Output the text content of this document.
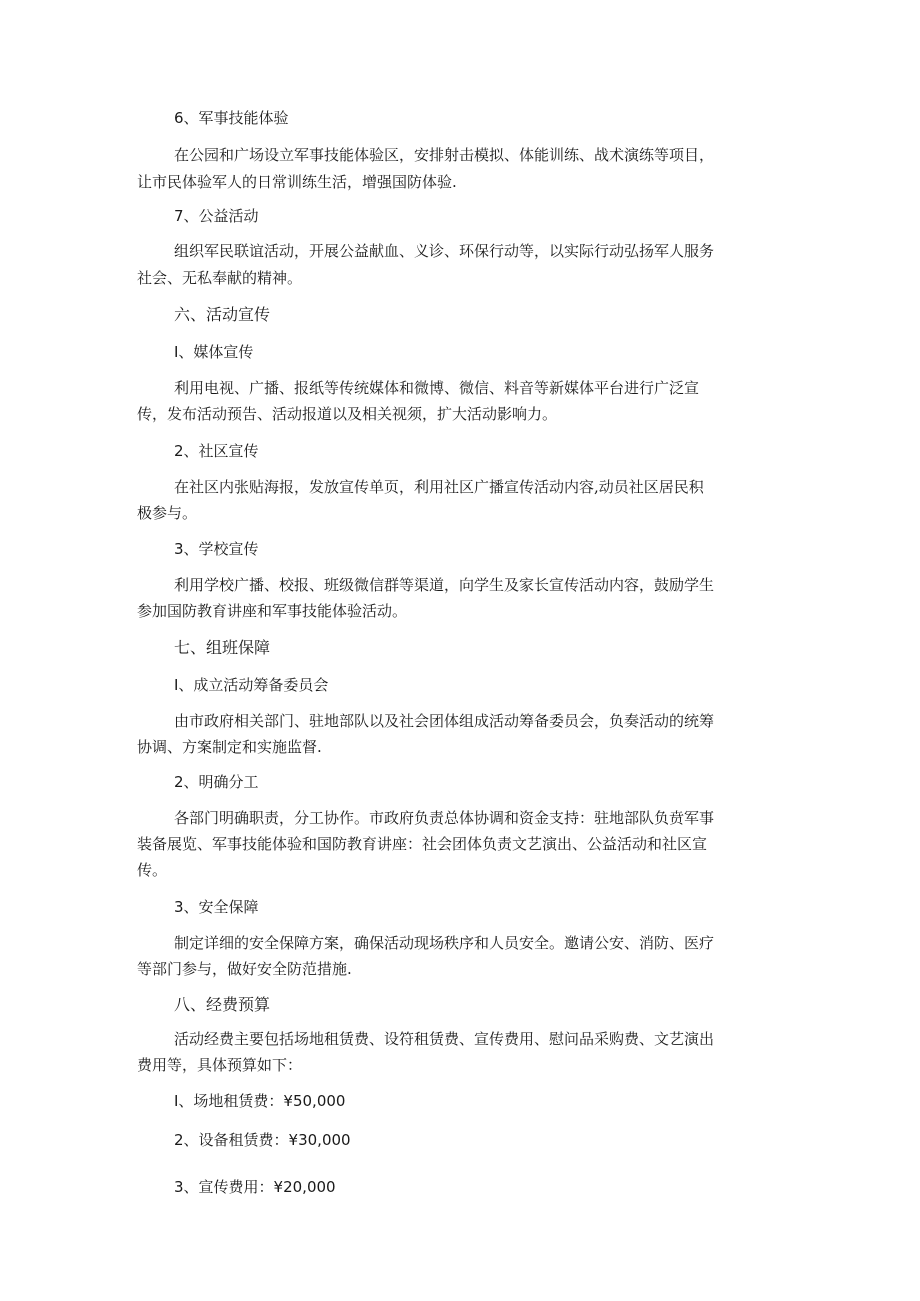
6、军事技能体验
在公园和广场设立军事技能体验区，安排射击模拟、体能训练、战术演练等项目，
让市民体验军人的日常训练生活，增强国防体验.
7、公益活动
组织军民联谊活动，开展公益献血、义诊、环保行动等，以实际行动弘扬军人服务
社会、无私奉献的精神。
六、活动宣传
I、媒体宣传
利用电视、广播、报纸等传统媒体和微博、微信、料音等新媒体平台进行广泛宣
传，发布活动预告、活动报道以及相关视须，扩大活动影响力。
2、社区宣传
在社区内张贴海报，发放宣传单页，利用社区广播宣传活动内容,动员社区居民积
极参与。
3、学校宣传
利用学校广播、校报、班级微信群等渠道，向学生及家长宣传活动内容，鼓励学生
参加国防教育讲座和军事技能体验活动。
七、组班保障
I、成立活动筹备委员会
由市政府相关部门、驻地部队以及社会团体组成活动筹备委员会，负奏活动的统筹
协调、方案制定和实施监督.
2、明确分工
各部门明确职责，分工协作。市政府负责总体协调和资金支持：驻地部队负贲军事
装备展览、军事技能体验和国防教育讲座：社会团体负责文艺演出、公益活动和社区宣
传。
3、安全保障
制定详细的安全保障方案，确保活动现场秩序和人员安全。邀请公安、消防、医疗
等部门参与，做好安全防范措施.
八、经费预算
活动经费主要包括场地租赁费、设符租赁费、宣传费用、慰问品采购费、文艺演出
费用等，具体预算如下：
I、场地租赁费：¥50,000
2、设备租赁费：¥30,000
3、宣传费用：¥20,000
